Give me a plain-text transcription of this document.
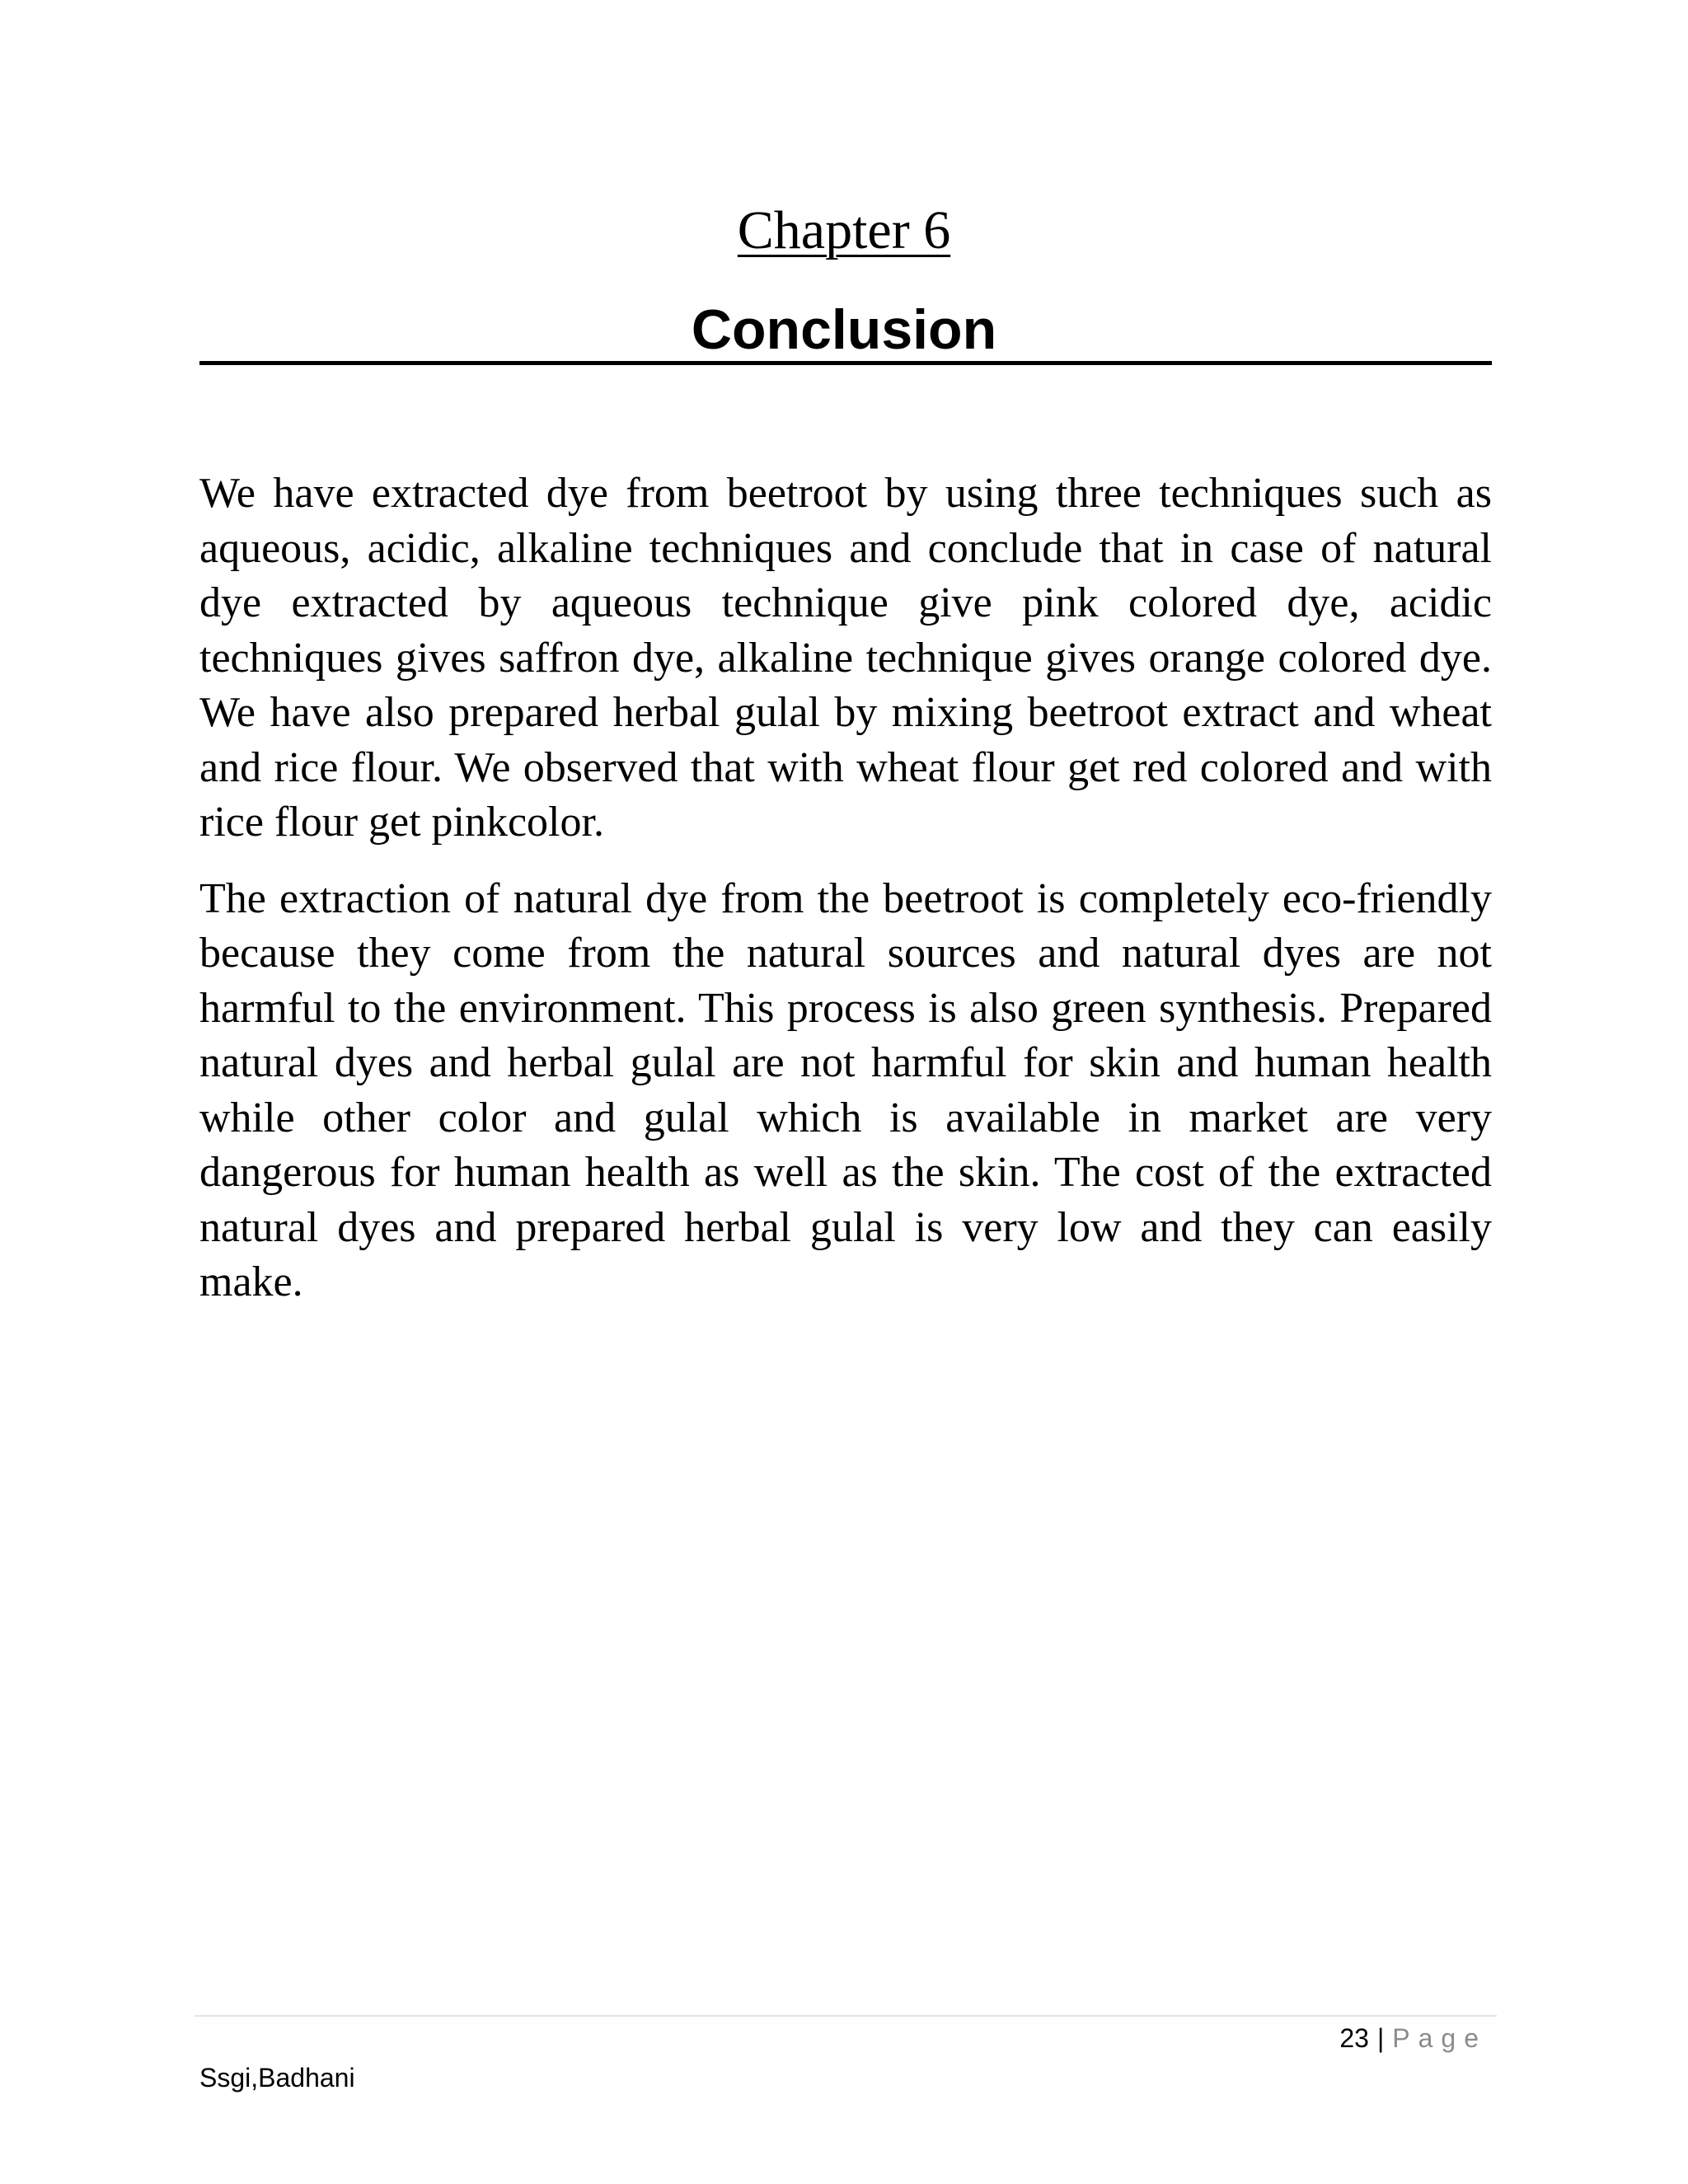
Chapter 6
Conclusion

We have extracted dye from beetroot by using three techniques such as aqueous, acidic, alkaline techniques and conclude that in case of natural dye extracted by aqueous technique give pink colored dye, acidic techniques gives saffron dye, alkaline technique gives orange colored dye. We have also prepared herbal gulal by mixing beetroot extract and wheat and rice flour. We observed that with wheat flour get red colored and with rice flour get pinkcolor.

The extraction of natural dye from the beetroot is completely eco-friendly because they come from the natural sources and natural dyes are not harmful to the environment. This process is also green synthesis. Prepared natural dyes and herbal gulal are not harmful for skin and human health while other color and gulal which is available in market are very dangerous for human health as well as the skin. The cost of the extracted natural dyes and prepared herbal gulal is very low and they can easily make.

23 | Page
Ssgi,Badhani
